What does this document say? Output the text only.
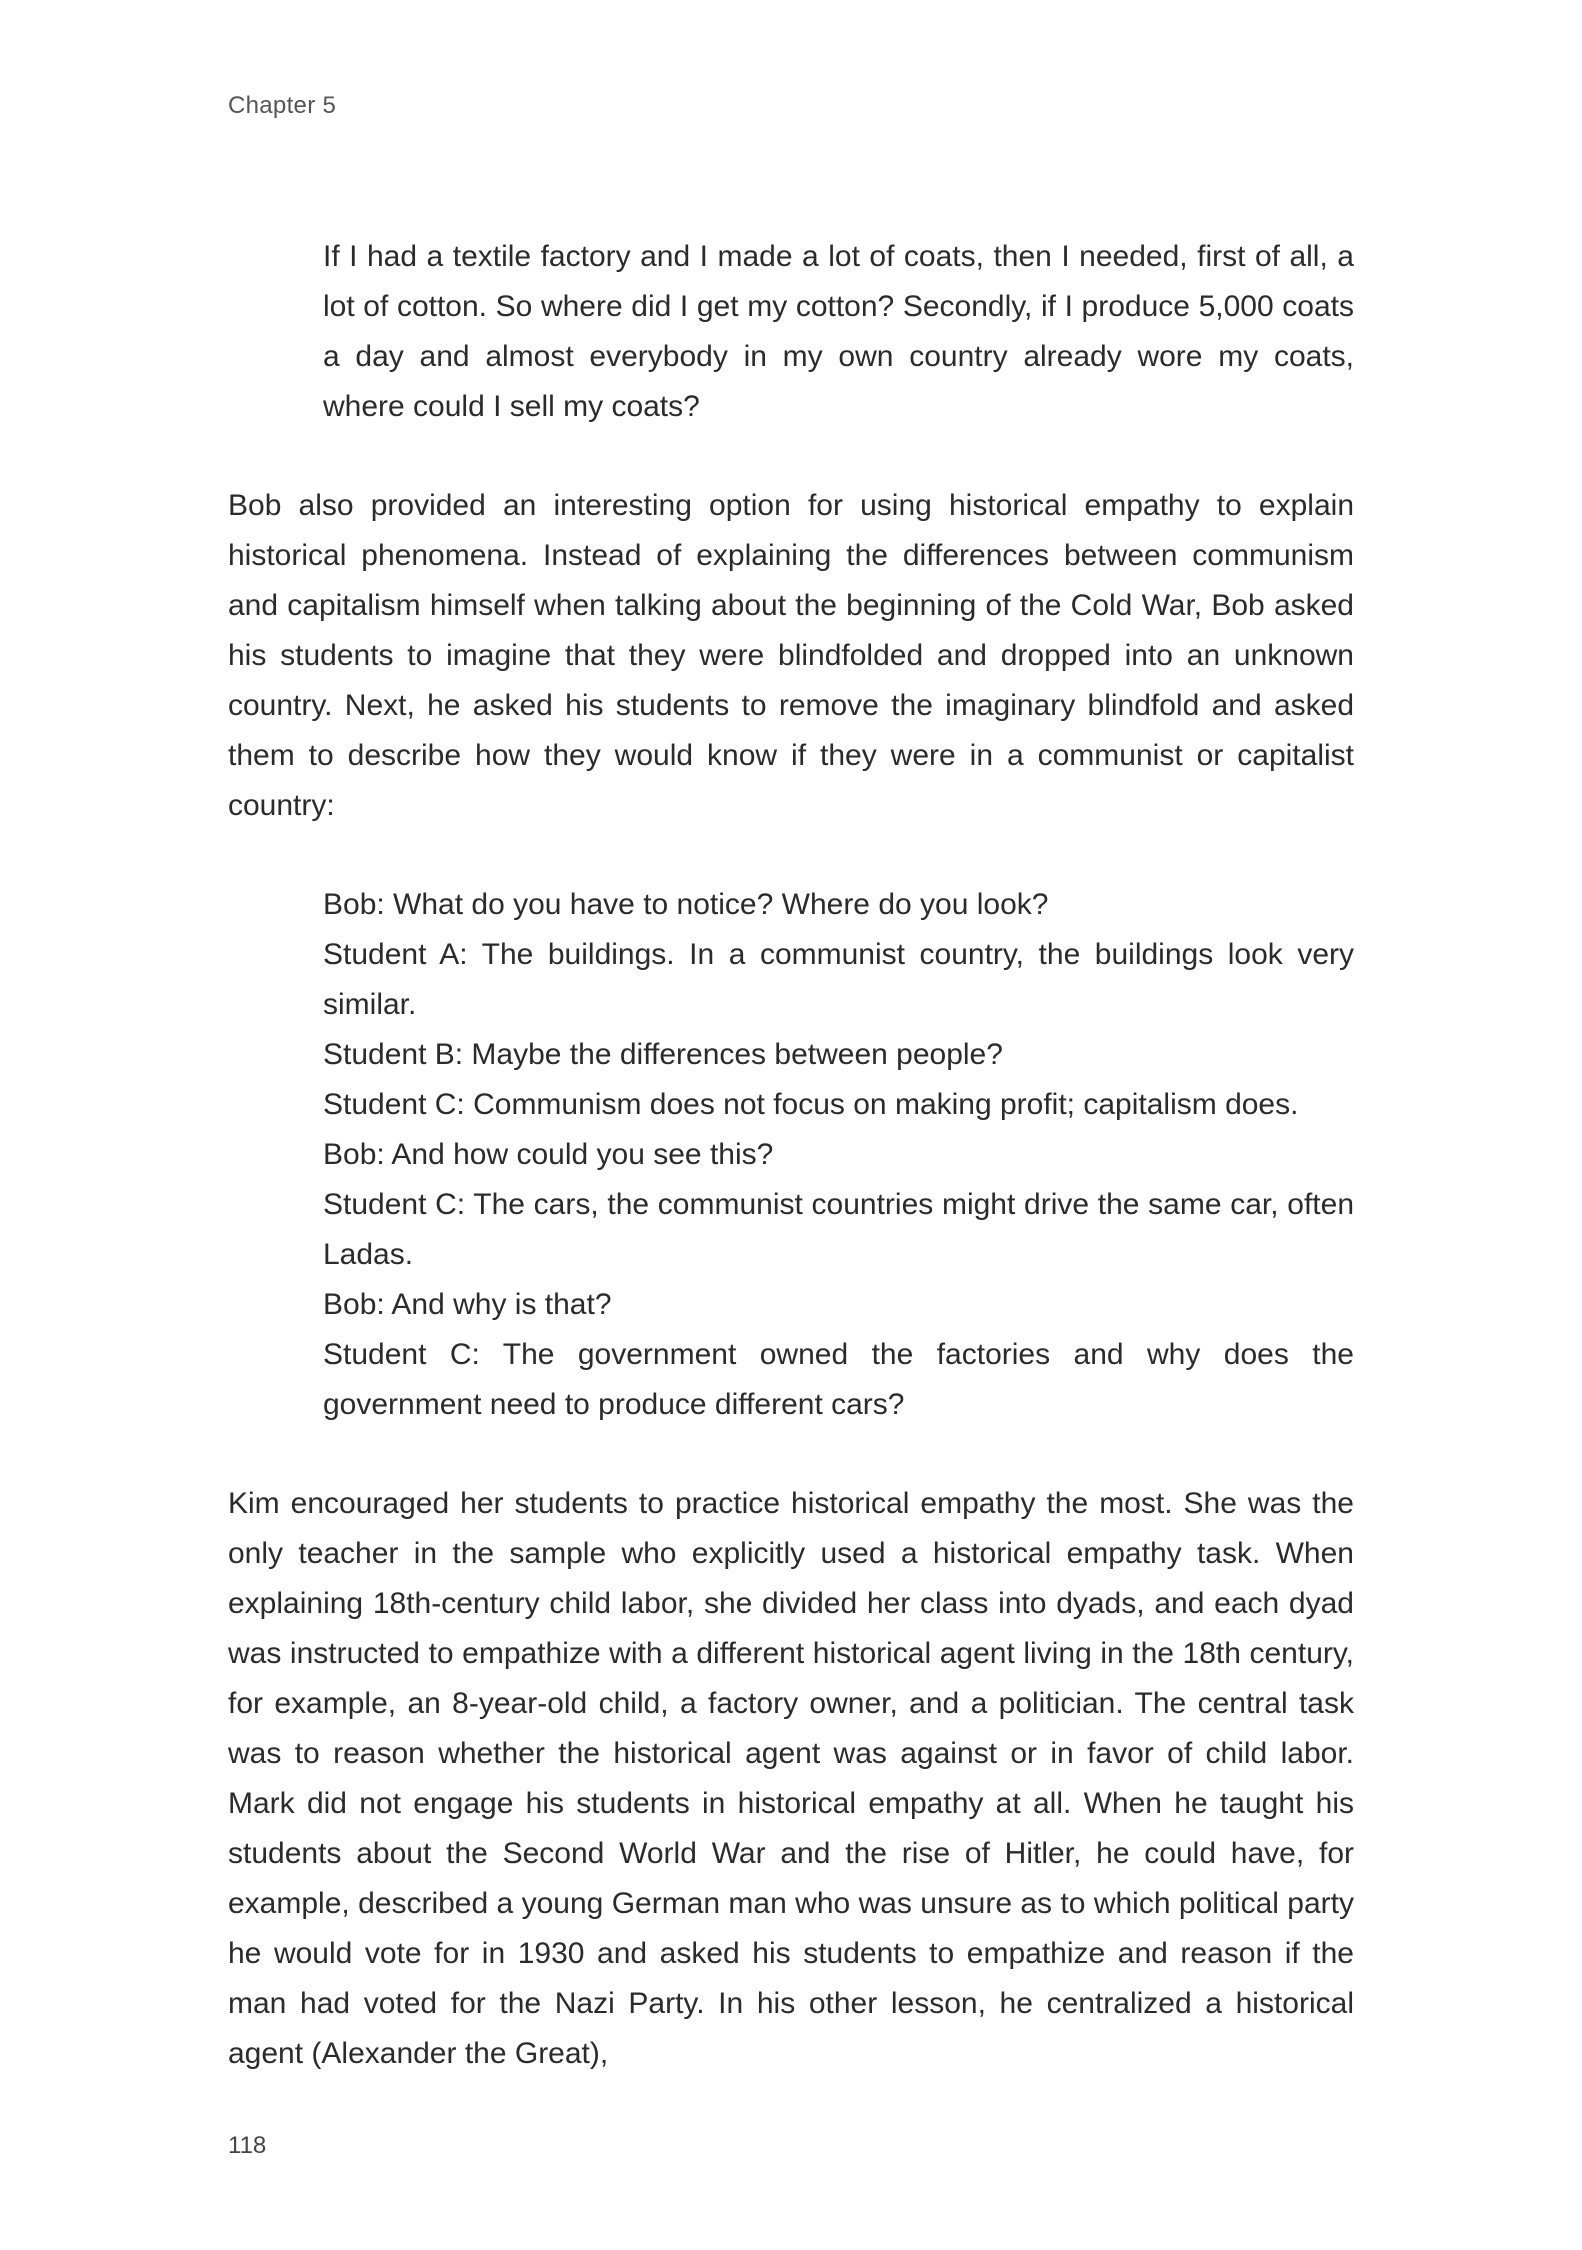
Chapter 5

If I had a textile factory and I made a lot of coats, then I needed, first of all, a lot of cotton. So where did I get my cotton? Secondly, if I produce 5,000 coats a day and almost everybody in my own country already wore my coats, where could I sell my coats?

Bob also provided an interesting option for using historical empathy to explain historical phenomena. Instead of explaining the differences between communism and capitalism himself when talking about the beginning of the Cold War, Bob asked his students to imagine that they were blindfolded and dropped into an unknown country. Next, he asked his students to remove the imaginary blindfold and asked them to describe how they would know if they were in a communist or capitalist country:

Bob: What do you have to notice? Where do you look?

Student A: The buildings. In a communist country, the buildings look very similar.

Student B: Maybe the differences between people?

Student C: Communism does not focus on making profit; capitalism does.

Bob: And how could you see this?

Student C: The cars, the communist countries might drive the same car, often Ladas.

Bob: And why is that?

Student C: The government owned the factories and why does the government need to produce different cars?

Kim encouraged her students to practice historical empathy the most. She was the only teacher in the sample who explicitly used a historical empathy task. When explaining 18th-century child labor, she divided her class into dyads, and each dyad was instructed to empathize with a different historical agent living in the 18th century, for example, an 8-year-old child, a factory owner, and a politician. The central task was to reason whether the historical agent was against or in favor of child labor. Mark did not engage his students in historical empathy at all. When he taught his students about the Second World War and the rise of Hitler, he could have, for example, described a young German man who was unsure as to which political party he would vote for in 1930 and asked his students to empathize and reason if the man had voted for the Nazi Party. In his other lesson, he centralized a historical agent (Alexander the Great),

118
